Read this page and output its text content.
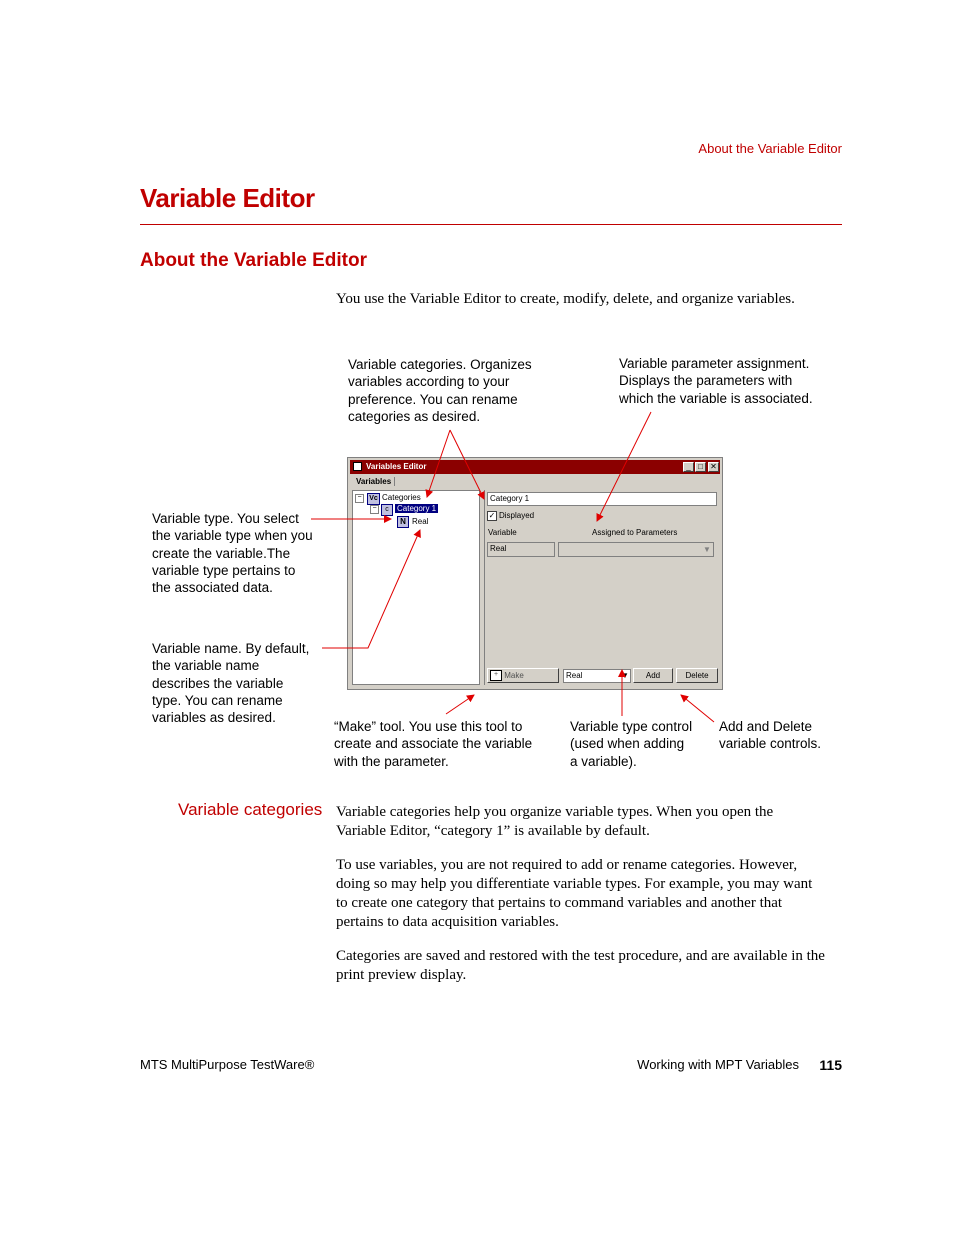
About the Variable Editor
Variable Editor
About the Variable Editor
You use the Variable Editor to create, modify, delete, and organize variables.
Variable categories. Organizes
variables according to your
preference. You can rename
categories as desired.
Variable parameter assignment.
Displays the parameters with
which the variable is associated.
Variable type. You select
the variable type when you
create the variable.The
variable type pertains to
the associated data.
Variable name. By default,
the variable name
describes the variable
type. You can rename
variables as desired.
“Make” tool. You use this tool to
create and associate the variable
with the parameter.
Variable type control
(used when adding
a variable).
Add and Delete
variable controls.
Variables Editor	_ □ ✕
Variables
−	Vc Categories
−	c	Category 1
N Real
Category 1
✓ Displayed
Variable	Assigned to Parameters
Real	▼
+ Make	Real	▼	Add	Delete
Variable categories Variable categories help you organize variable types. When you open the
Variable Editor, “category 1” is available by default.
To use variables, you are not required to add or rename categories. However,
doing so may help you differentiate variable types. For example, you may want
to create one category that pertains to command variables and another that
pertains to data acquisition variables.
Categories are saved and restored with the test procedure, and are available in the
print preview display.
MTS MultiPurpose TestWare®	Working with MPT Variables	115
